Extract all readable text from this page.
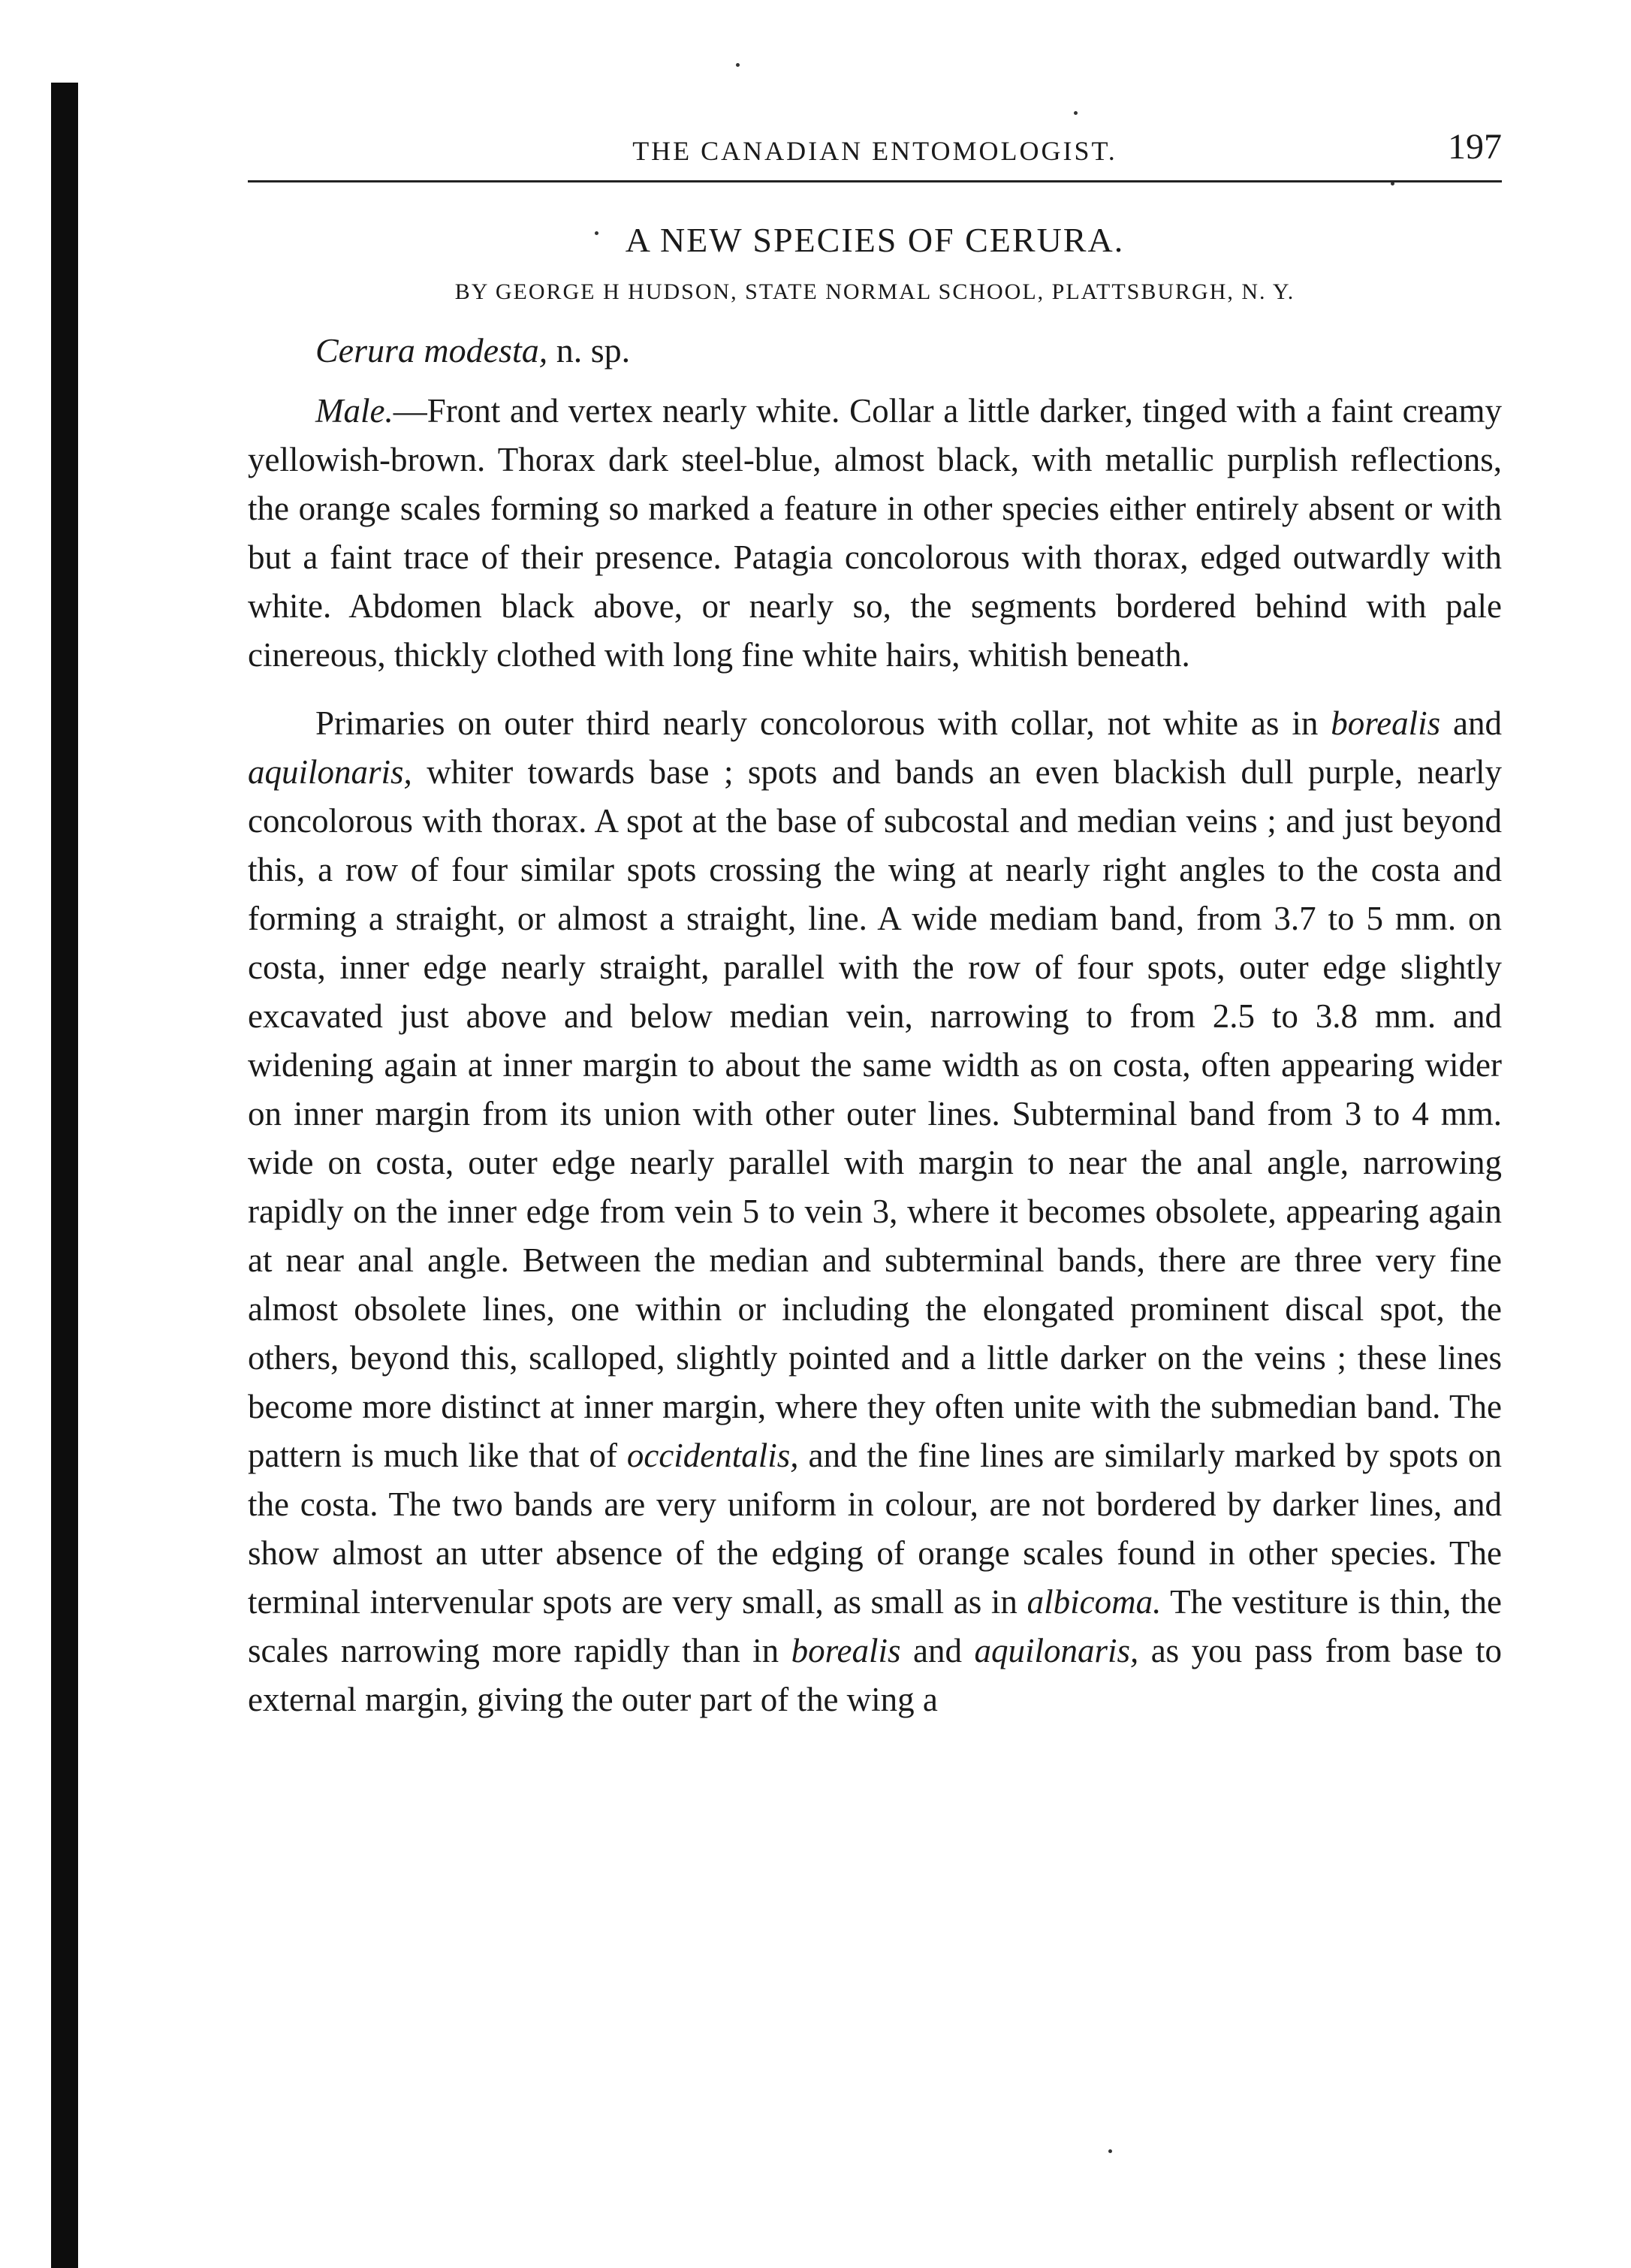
THE CANADIAN ENTOMOLOGIST.	197
A NEW SPECIES OF CERURA.
BY GEORGE H HUDSON, STATE NORMAL SCHOOL, PLATTSBURGH, N. Y.
Cerura modesta, n. sp.

Male.—Front and vertex nearly white. Collar a little darker, tinged with a faint creamy yellowish-brown. Thorax dark steel-blue, almost black, with metallic purplish reflections, the orange scales forming so marked a feature in other species either entirely absent or with but a faint trace of their presence. Patagia concolorous with thorax, edged outwardly with white. Abdomen black above, or nearly so, the segments bordered behind with pale cinereous, thickly clothed with long fine white hairs, whitish beneath.

Primaries on outer third nearly concolorous with collar, not white as in borealis and aquilonaris, whiter towards base ; spots and bands an even blackish dull purple, nearly concolorous with thorax. A spot at the base of subcostal and median veins ; and just beyond this, a row of four similar spots crossing the wing at nearly right angles to the costa and forming a straight, or almost a straight, line. A wide mediam band, from 3.7 to 5 mm. on costa, inner edge nearly straight, parallel with the row of four spots, outer edge slightly excavated just above and below median vein, narrowing to from 2.5 to 3.8 mm. and widening again at inner margin to about the same width as on costa, often appearing wider on inner margin from its union with other outer lines. Subterminal band from 3 to 4 mm. wide on costa, outer edge nearly parallel with margin to near the anal angle, narrowing rapidly on the inner edge from vein 5 to vein 3, where it becomes obsolete, appearing again at near anal angle. Between the median and subterminal bands, there are three very fine almost obsolete lines, one within or including the elongated prominent discal spot, the others, beyond this, scalloped, slightly pointed and a little darker on the veins ; these lines become more distinct at inner margin, where they often unite with the submedian band. The pattern is much like that of occidentalis, and the fine lines are similarly marked by spots on the costa. The two bands are very uniform in colour, are not bordered by darker lines, and show almost an utter absence of the edging of orange scales found in other species. The terminal intervenular spots are very small, as small as in albicoma. The vestiture is thin, the scales narrowing more rapidly than in borealis and aquilonaris, as you pass from base to external margin, giving the outer part of the wing a
